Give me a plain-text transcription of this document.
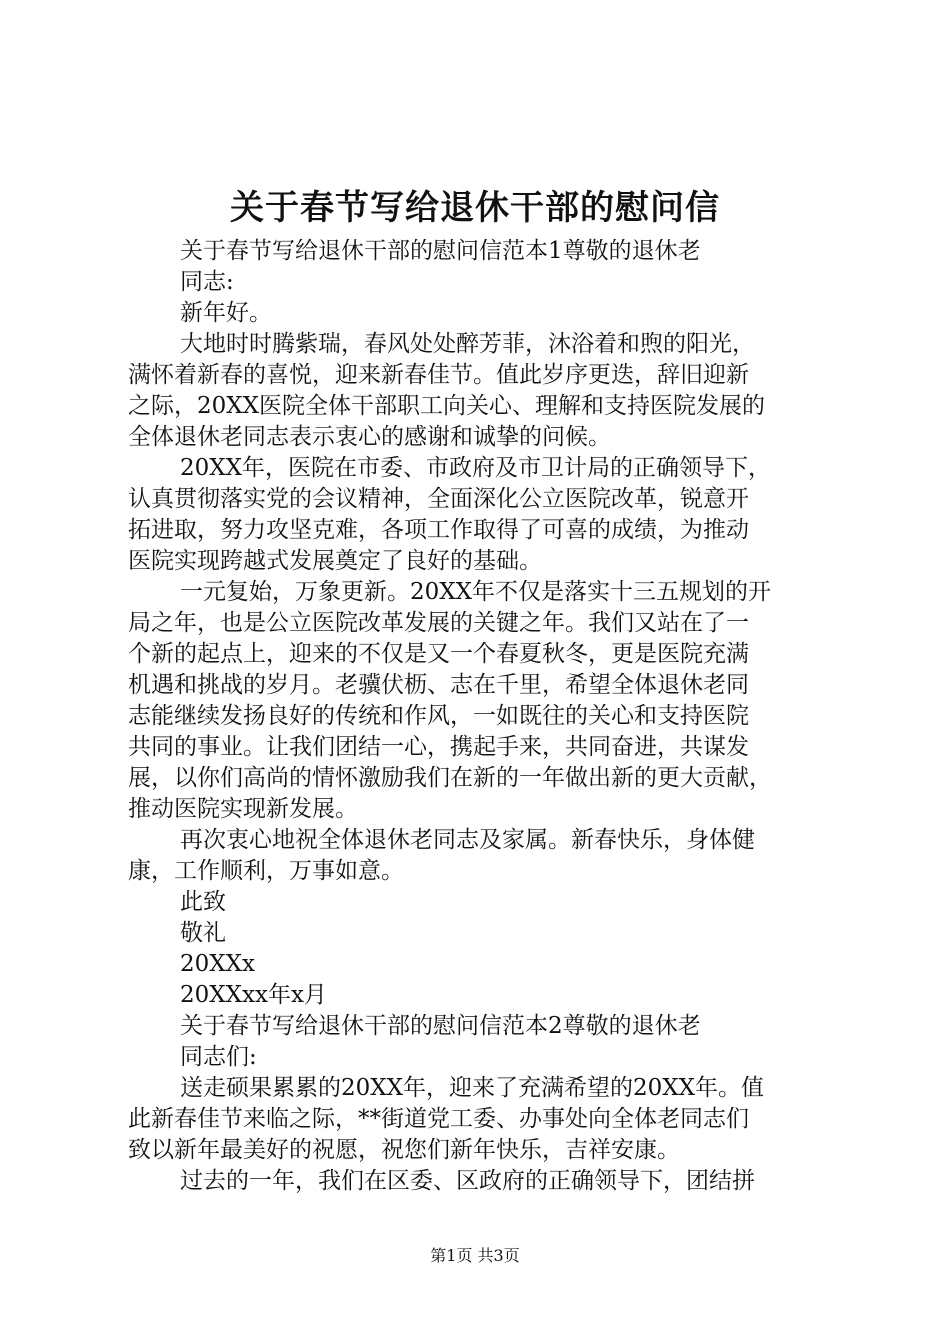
关于春节写给退休干部的慰问信
关于春节写给退休干部的慰问信范本1尊敬的退休老
同志:
新年好。
大地时时腾紫瑞，春风处处醉芳菲，沐浴着和煦的阳光，
满怀着新春的喜悦，迎来新春佳节。值此岁序更迭，辞旧迎新
之际，20XX医院全体干部职工向关心、理解和支持医院发展的
全体退休老同志表示衷心的感谢和诚挚的问候。
20XX年，医院在市委、市政府及市卫计局的正确领导下，
认真贯彻落实党的会议精神，全面深化公立医院改革，锐意开
拓进取，努力攻坚克难，各项工作取得了可喜的成绩，为推动
医院实现跨越式发展奠定了良好的基础。
一元复始，万象更新。20XX年不仅是落实十三五规划的开
局之年，也是公立医院改革发展的关键之年。我们又站在了一
个新的起点上，迎来的不仅是又一个春夏秋冬，更是医院充满
机遇和挑战的岁月。老骥伏枥、志在千里，希望全体退休老同
志能继续发扬良好的传统和作风，一如既往的关心和支持医院
共同的事业。让我们团结一心，携起手来，共同奋进，共谋发
展，以你们高尚的情怀激励我们在新的一年做出新的更大贡献，
推动医院实现新发展。
再次衷心地祝全体退休老同志及家属。新春快乐，身体健
康，工作顺利，万事如意。
此致
敬礼
20XXx
20XXxx年x月
关于春节写给退休干部的慰问信范本2尊敬的退休老
同志们:
送走硕果累累的20XX年，迎来了充满希望的20XX年。值
此新春佳节来临之际，**街道党工委、办事处向全体老同志们
致以新年最美好的祝愿，祝您们新年快乐，吉祥安康。
过去的一年，我们在区委、区政府的正确领导下，团结拼
第1页 共3页
